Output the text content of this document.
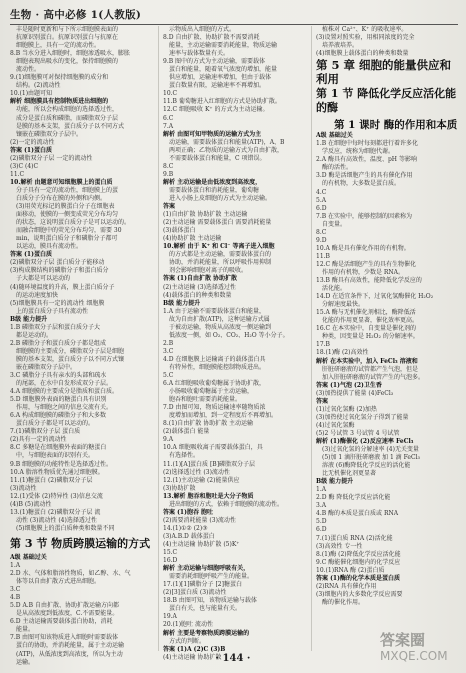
生物 · 高中必修 1(人教版)
丰是随时更新和与下所示细胞膜表面的
抗原识别蛋白。抗原识别蛋白与抗原在
细胞膜上，具有一定的流动性。
8.B 当水分进入细胞时，细胞渗透吸水，膨胀
细胞表现出吸水的变化，保持细胞膜的
流动性。
9.(1)细胞膜可对保持细胞膜的成分和
结构。(2)流动性
10.(1)由题可知
解析 细胞膜具有控制物质进出细胞的
功能，所以会构成细胞的选择透过性，
成分是蛋白质和磷脂，而磷脂双分子层
是膜的基本支架，蛋白质分子以不同方式
镶嵌在磷脂双分子层中。
(2)一定的流动性
答案 (1)蛋白质
(2)磷脂双分子层 一定的流动性
(3)C (4)C
11.C
10.解析 由题意可知细胞膜上的蛋白质
分子具有一定的流动性，细胞膜上的蛋
白质分子分布在膜的外侧和内侧。
(3)用荧光标记的膜蛋白分子在细胞表
面移动，使膜的一侧变成荧光分布均匀
的状态，这说明蛋白质分子是可以运动的。
而融合细胞中的荧光分布均匀，需要 30
min，说明蛋白质分子和磷脂分子都可
以运动，膜具有流动性。
答案 (1)蛋白质
(2)磷脂双分子层 蛋白质分子能移动
(3)构成膜结构的磷脂分子和蛋白质分
子大都是可以运动的
(4)随环境温度的升高，膜上蛋白质分子
的运动速度加快
(5)细胞膜具有一定的流动性 细胞膜
上的蛋白质分子具有流动性
B级 能力提升
1.B 磷脂双分子层和蛋白质分子大
都是运动的。
2.B 磷脂分子和蛋白质分子都是组成
细胞膜的主要成分，磷脂双分子层是细胞
膜的基本支架，蛋白质分子以不同方式镶
嵌在磷脂双分子层中。
3.C 磷脂分子具有亲水的头部和疏水
的尾部，在水中自发形成双分子层。
4.A 细胞膜的主要成分是脂质和蛋白质。
5.D 细胞膜外表面的糖蛋白具有识别
作用，与细胞之间的信息交流有关。
6.A 构成细胞膜的磷脂分子和大多数
蛋白质分子都是可以运动的。
7.(1)磷脂双分子层 蛋白质
(2)具有一定的流动性
8.C 多糖是在细胞膜外表面的糖蛋白
中，与细胞表面的识别有关。
9.B 细胞膜的功能特性是选择透过性。
10.A 脂溶性物质优先通过细胞膜。
11.(1)糖蛋白 (2)磷脂双分子层
(3)流动性
12.(1)受体 (2)特异性 (3)信息交流
(4)B (5)流动性
13.(1)糖蛋白 (2)磷脂双分子层 流
动性 (3)流动性 (4)选择透过性
(5)细胞膜上的蛋白质种类和数量不同
第 3 节 物质跨膜运输的方式
A级 基础过关
1.A
2.D 水、气体和脂溶性物质，如乙醇、水、气
体等以自由扩散方式进出细胞。
3.C
4.B
5.D A.B 自由扩散、协助扩散运输方向都
是从高浓度到低浓度，C.不需要能量。
6.D 主动运输需要载体蛋白协助，消耗
能量。
7.B 由图可知该物质进入细胞时需要载体
蛋白的协助，并消耗能量，属于主动运输
(ATP)，从低浓度到高浓度，所以为主动
运输。
示物质出入细胞的方式。
8.D 自由扩散、协助扩散不需要消耗
能量，主动运输需要消耗能量，物质运输
速率与载体数量有关。
9.B 图中的方式为主动运输，需要载体
蛋白和能量，随着氧气浓度的增加，能量
供应增加，运输速率增加，但由于载体
蛋白数量有限，运输速率不再增加。
10.C
11.B 葡萄糖进入红细胞的方式是协助扩散。
12.C 细胞吸收 K⁺ 的方式为主动运输。
6.C
7.A
解析 由图可知甲物质的运输方式为主
动运输，需要载体蛋白和能量(ATP)，A、B
两项正确；乙物质的运输方式为自由扩散，
不需要载体蛋白和能量，C 项错误。
8.C
9.B
解析 主动运输是由低浓度到高浓度，
需要载体蛋白和消耗能量，葡萄糖
进入小肠上皮细胞的方式为主动运输。
答案
(1)自由扩散 协助扩散 主动运输
(2)主动运输 需要载体蛋白 需要消耗能量
(3)载体蛋白
(4)协助扩散 主动运输
10.解析 由于 K⁺ 和 Cl⁻ 等离子进入细胞
的方式都是主动运输，需要载体蛋白的
协助，并消耗能量，所以呼吸作用抑制
剂会影响细胞对离子的吸收。
答案 (1)自由扩散 协助扩散
(2)主动运输 (3)选择透过性
(4)载体蛋白的种类和数量
B级 能力提升
1.A 由于运输不需要载体蛋白和能量，
故为自由扩散(ATP)，这种运输方式属
于被动运输，物质从高浓度一侧运输到
低浓度一侧，如 O₂、CO₂、H₂O 等小分子。
2.B
3.C
4.D 在细胞膜上运输离子的载体蛋白具
有特异性，细胞膜能控制物质进出。
5.C
6.A 红细胞吸收葡萄糖属于协助扩散，
小肠吸收葡萄糖属于主动运输，
胞吞和胞吐需要消耗能量。
7.D 由图可知，物质运输速率随物质浓
度增加而增加，到一定程度后不再增加。
8.(1)自由扩散 协助扩散 主动运输
(2)载体蛋白 能量
9.A
10.A 细胞吸收离子需要载体蛋白，具
有选择性。
11.(1)[A]蛋白质 [B]磷脂双分子层
(2)选择透过性 (3)流动性
12.(1)主动运输 (2)能量供应
(3)协助扩散
13.解析 胞吞和胞吐是大分子物质
进出细胞的方式，依赖于细胞膜的流动性。
答案 (1)胞吞 胞吐
(2)需要消耗能量 (3)流动性
14.(1)①② (2)③
(3)A.B.D 载体蛋白
(4)主动运输 协助扩散 (5)K⁺
15.C
16.D
解析 主动运输与细胞呼吸有关，
需要消耗细胞呼吸产生的能量。
17.(1)[1]磷脂分子 [2]糖蛋白
(2)[3]蛋白质 (3)流动性
18.B 由图可知，该物质运输与载体
蛋白有关，也与能量有关。
19.A
20.(1)胞吐 流动性
解析 主要是考察物质跨膜运输的
方式的判断。
答案 (1)A (2)C (3)B
(4)主动运输 协助扩散
植株对 Ca²⁺、K⁺ 的吸收速率。
(3)设置对照实验，用相同浓度的完全
培养液培养。
(4)细胞膜上载体蛋白的种类和数量
第 5 章 细胞的能量供应和利用
第 1 节 降低化学反应活化能的酶
第 1 课时 酶的作用和本质
A级 基础过关
1.B 在细胞中每时每刻都进行着许多化
学反应，统称为细胞代谢。
2.A 酶具有高效性，温度、pH 等影响
酶的活性。
3.D 酶是活细胞产生的具有催化作用
的有机物，大多数是蛋白质。
4.C
5.A
6.D
7.B 在实验中，能够控制的因素称为
自变量。
8.C
9.D
10.A 酶是具有催化作用的有机物。
11.B
12.C 酶是活细胞产生的具有生物催化
作用的有机物，少数是 RNA。
13.B 酶具有高效性，能降低化学反应的
活化能。
14.D 在适宜条件下，过氧化氢酶催化 H₂O₂
分解速度最快。
15.A 酶与无机催化剂相比，酶降低活
化能的作用更显著，催化效率更高。
16.C 在本实验中，自变量是催化剂的
种类，因变量是 H₂O₂ 的分解速率。
17.B
18.(1)酶 (2)高效性
解析 在本实验中，加入 FeCl₃ 溶液和
肝脏研磨液的试管都产生气泡，但是
加入肝脏研磨液的试管产生的气泡多。
答案 (1)气泡 (2)卫生香
(3)加热提供了能量 (4)FeCl₃
答案
(1)过氧化氢酶 (2)加热
(3)加热使过氧化氢分子得到了能量
(4)过氧化氢酶
(5)2 号试管 3 号试管 4 号试管
解析 (1)酶催化 (2)反应速率 FeCl₃
(3)过氧化氢的分解速率 (4)无关变量
(5)加 1 滴肝脏研磨液 加 1 滴 FeCl₃
溶液 (6)酶降低化学反应的活化能
比无机催化剂更显著
B级 能力提升
1.A
2.D 酶 降低化学反应活化能
3.A
4.B 酶的本质是蛋白质或 RNA
5.D
6.D
7.(1)蛋白质 RNA (2)活化能
(3)高效性 专一性
8.(1)酶 (2)降低化学反应活化能
9.C 酶能催化细胞内的化学反应
10.(1)RNA 酶 (2)蛋白质
答案 (1)酶的化学本质是蛋白质
(2)RNA 具有催化作用
(3)细胞内的大多数化学反应需要
酶的催化作用。
· 144 ·
答案圈
MXQE.COM
